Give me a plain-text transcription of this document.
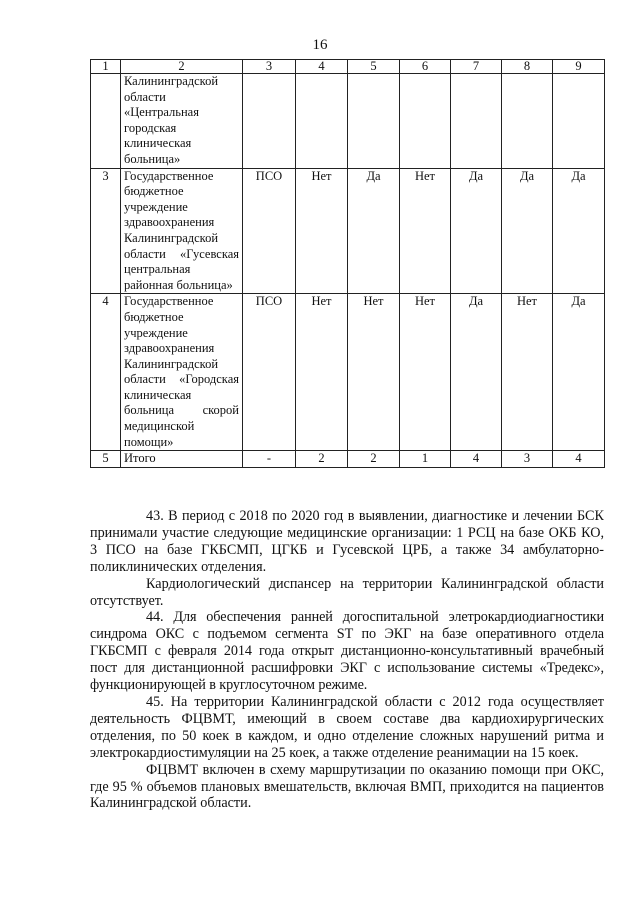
16
1	2	3	4	5	6	7	8	9
	Калининградской области «Центральная городская клиническая больница»							
3	Государственное бюджетное учреждение здравоохранения Калининградской области «Гусевская центральная районная больница»	ПСО	Нет	Да	Нет	Да	Да	Да
4	Государственное бюджетное учреждение здравоохранения Калининградской области «Городская клиническая больница скорой медицинской помощи»	ПСО	Нет	Нет	Нет	Да	Нет	Да
5	Итого	-	2	2	1	4	3	4

43. В период с 2018 по 2020 год в выявлении, диагностике и лечении БСК принимали участие следующие медицинские организации: 1 РСЦ на базе ОКБ КО, 3 ПСО на базе ГКБСМП, ЦГКБ и Гусевской ЦРБ, а также 34 амбулаторно-поликлинических отделения.

Кардиологический диспансер на территории Калининградской области отсутствует.

44. Для обеспечения ранней догоспитальной элетрокардиодиагностики синдрома ОКС с подъемом сегмента ST по ЭКГ на базе оперативного отдела ГКБСМП с февраля 2014 года открыт дистанционно-консультативный врачебный пост для дистанционной расшифровки ЭКГ с использование системы «Тредекс», функционирующей в круглосуточном режиме.

45. На территории Калининградской области с 2012 года осуществляет деятельность ФЦВМТ, имеющий в своем составе два кардиохирургических отделения, по 50 коек в каждом, и одно отделение сложных нарушений ритма и электрокардиостимуляции на 25 коек, а также отделение реанимации на 15 коек.

ФЦВМТ включен в схему маршрутизации по оказанию помощи при ОКС, где 95 % объемов плановых вмешательств, включая ВМП, приходится на пациентов Калининградской области.
